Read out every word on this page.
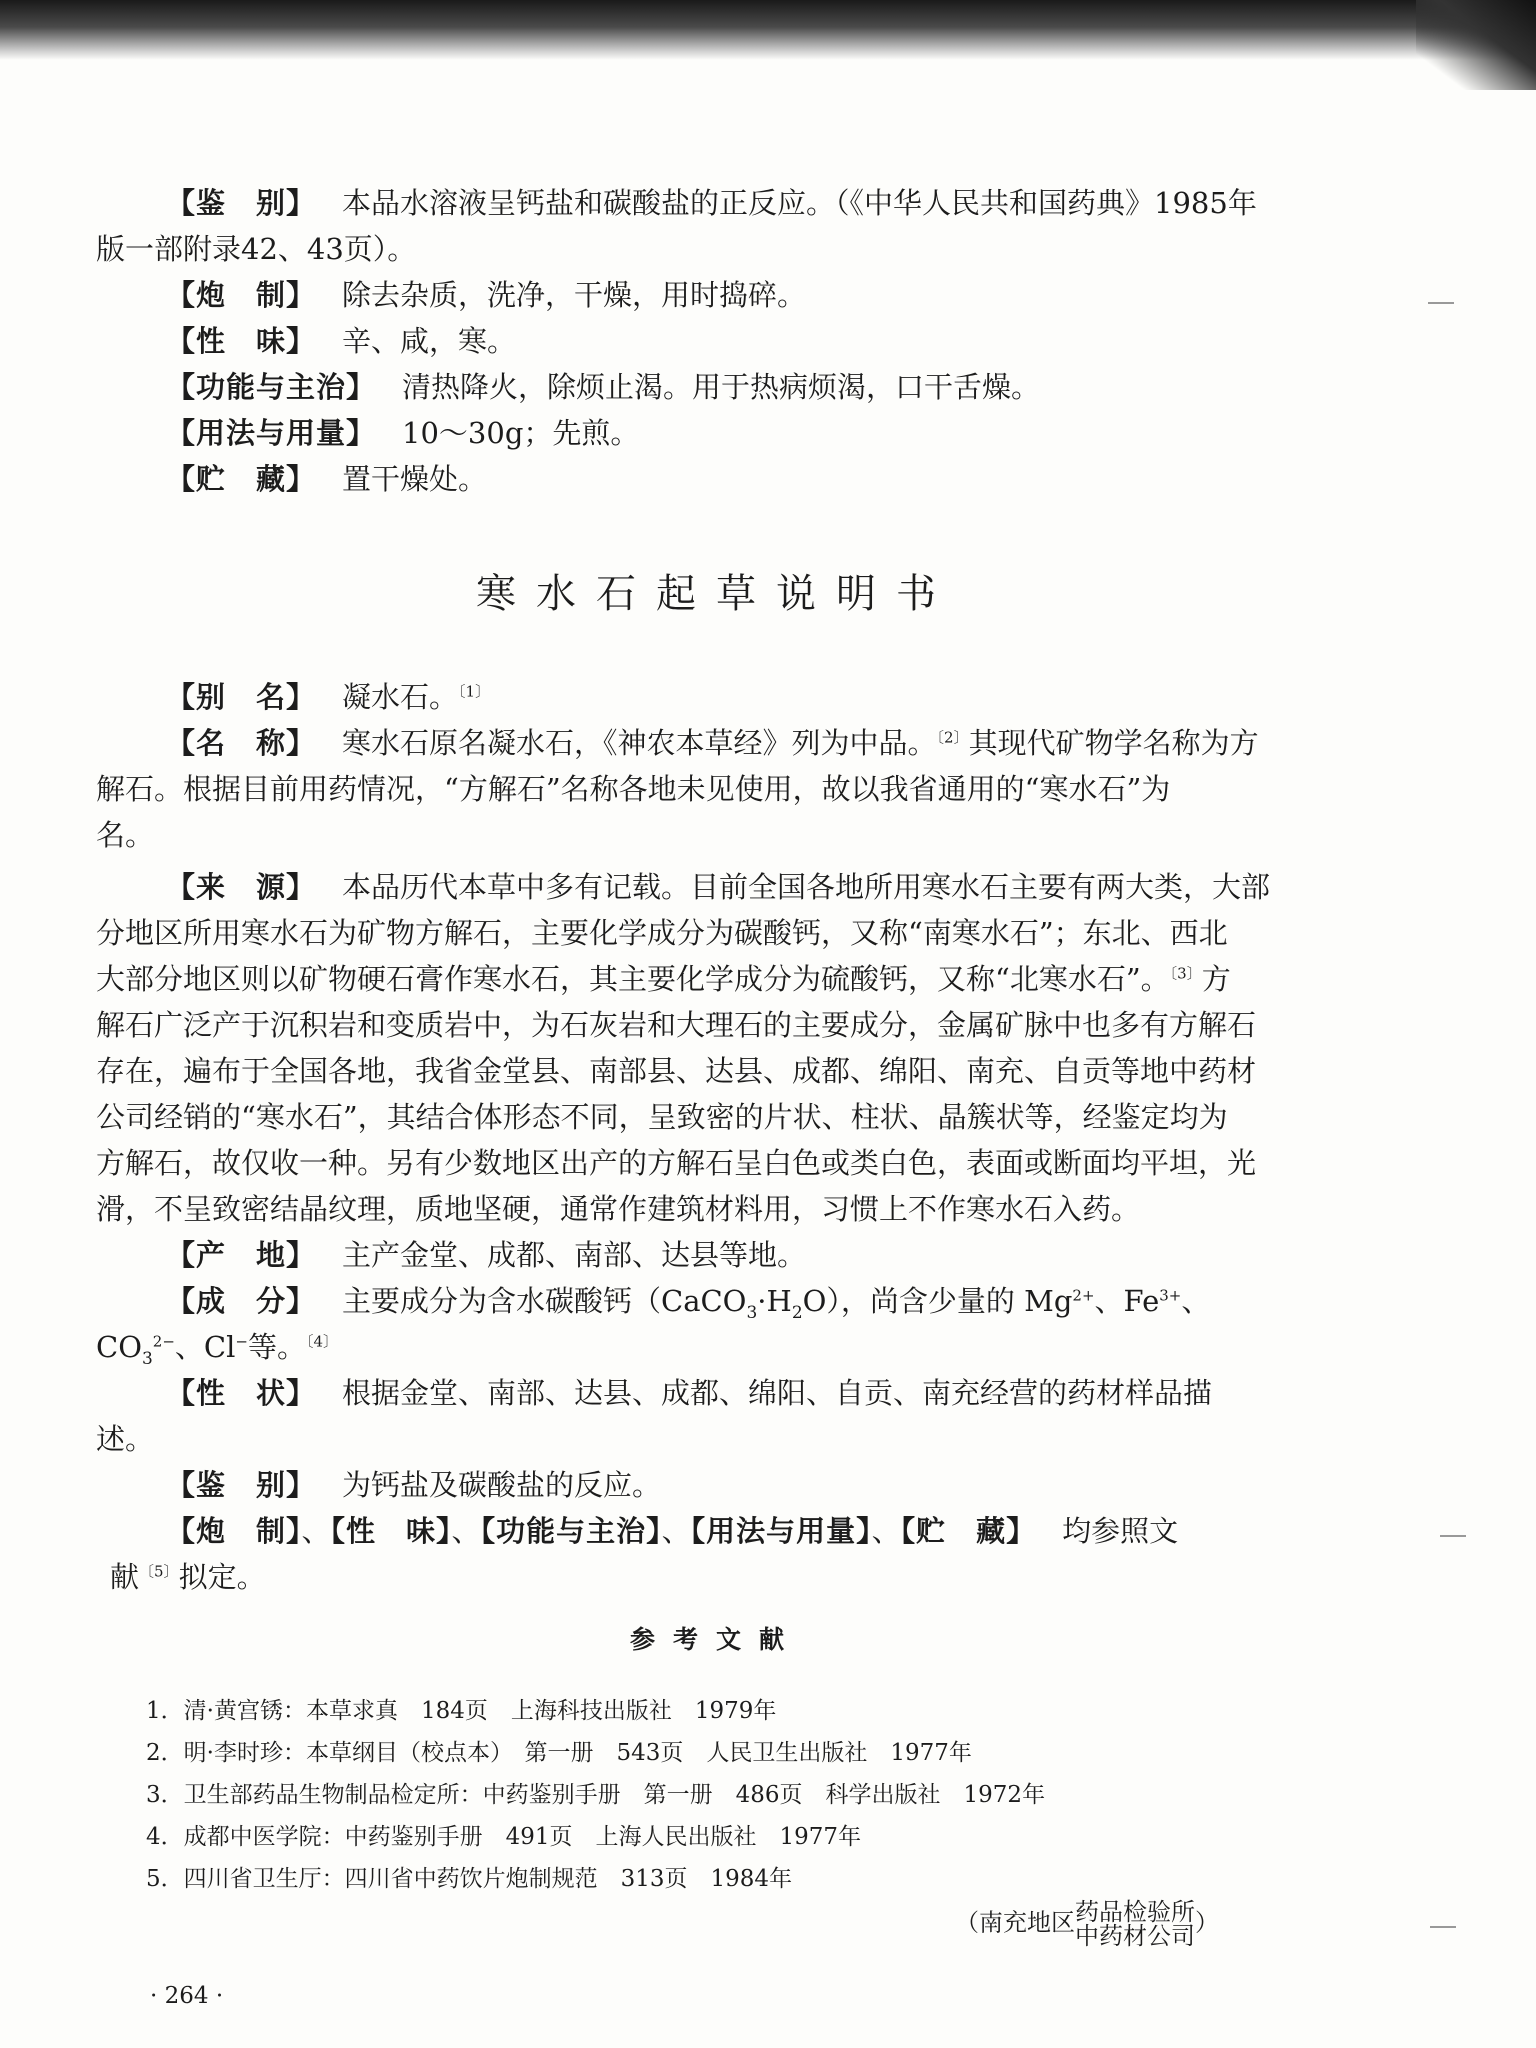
【鉴　别】 本品水溶液呈钙盐和碳酸盐的正反应。（《中华人民共和国药典》1985年
版一部附录42、43页）。
【炮　制】 除去杂质，洗净，干燥，用时捣碎。
【性　味】 辛、咸，寒。
【功能与主治】 清热降火，除烦止渴。用于热病烦渴，口干舌燥。
【用法与用量】 10～30g；先煎。
【贮　藏】 置干燥处。
寒水石起草说明书
【别　名】 凝水石。$^{〔1〕}$
【名　称】 寒水石原名凝水石，《神农本草经》列为中品。$^{〔2〕}$其现代矿物学名称为方
解石。根据目前用药情况，“方解石”名称各地未见使用，故以我省通用的“寒水石”为
名。
【来　源】 本品历代本草中多有记载。目前全国各地所用寒水石主要有两大类，大部
分地区所用寒水石为矿物方解石，主要化学成分为碳酸钙，又称“南寒水石”；东北、西北
大部分地区则以矿物硬石膏作寒水石，其主要化学成分为硫酸钙，又称“北寒水石”。$^{〔3〕}$方
解石广泛产于沉积岩和变质岩中，为石灰岩和大理石的主要成分，金属矿脉中也多有方解石
存在，遍布于全国各地，我省金堂县、南部县、达县、成都、绵阳、南充、自贡等地中药材
公司经销的“寒水石”，其结合体形态不同，呈致密的片状、柱状、晶簇状等，经鉴定均为
方解石，故仅收一种。另有少数地区出产的方解石呈白色或类白色，表面或断面均平坦，光
滑，不呈致密结晶纹理，质地坚硬，通常作建筑材料用，习惯上不作寒水石入药。
【产　地】 主产金堂、成都、南部、达县等地。
【成　分】 主要成分为含水碳酸钙$(CaCO_3\cdot H_2O)$，尚含少量的 $Mg^{2+}$、$Fe^{3+}$、
$CO_3^{2-}$、Cl−等。$^{〔4〕}$
【性　状】 根据金堂、南部、达县、成都、绵阳、自贡、南充经营的药材样品描
述。
【鉴　别】 为钙盐及碳酸盐的反应。
【炮　制】、【性　味】、【功能与主治】、【用法与用量】、【贮　藏】 均参照文
献$^{〔5〕}$拟定。
参考文献
1．清·黄宫锈：本草求真　184页　上海科技出版社　1979年
2．明·李时珍：本草纲目（校点本）　第一册　543页　人民卫生出版社　1977年
3．卫生部药品生物制品检定所：中药鉴别手册　第一册　486页　科学出版社　1972年
4．成都中医学院：中药鉴别手册　491页　上海人民出版社　1977年
5．四川省卫生厅：四川省中药饮片炮制规范　313页　1984年
（南充地区药品检验所
中药材公司）
· 264 ·
